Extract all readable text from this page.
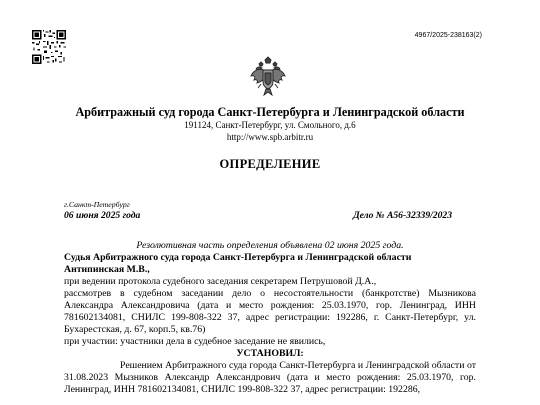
4967/2025-238163(2)
Арбитражный суд города Санкт-Петербурга и Ленинградской области
191124, Санкт-Петербург, ул. Смольного, д.6
http://www.spb.arbitr.ru
ОПРЕДЕЛЕНИЕ
г.Санкт-Петербург
06 июня 2025 года	Дело № А56-32339/2023

Резолютивная часть определения объявлена 02 июня 2025 года.

Судья Арбитражного суда города Санкт-Петербурга и Ленинградской области

Антипинская М.В.,

при ведении протокола судебного заседания секретарем Петрушовой Д.А.,

рассмотрев в судебном заседании дело о несостоятельности (банкротстве) Мызникова Александра Александровича (дата и место рождения: 25.03.1970, гор. Ленинград, ИНН 781602134081, СНИЛС 199-808-322 37, адрес регистрации: 192286, г. Санкт-Петербург, ул. Бухарестская, д. 67, корп.5, кв.76)

при участии: участники дела в судебное заседание не явились,

УСТАНОВИЛ:

Решением Арбитражного суда города Санкт-Петербурга и Ленинградской области от 31.08.2023 Мызников Александр Александрович (дата и место рождения: 25.03.1970, гор. Ленинград, ИНН 781602134081, СНИЛС 199-808-322 37, адрес регистрации: 192286,
